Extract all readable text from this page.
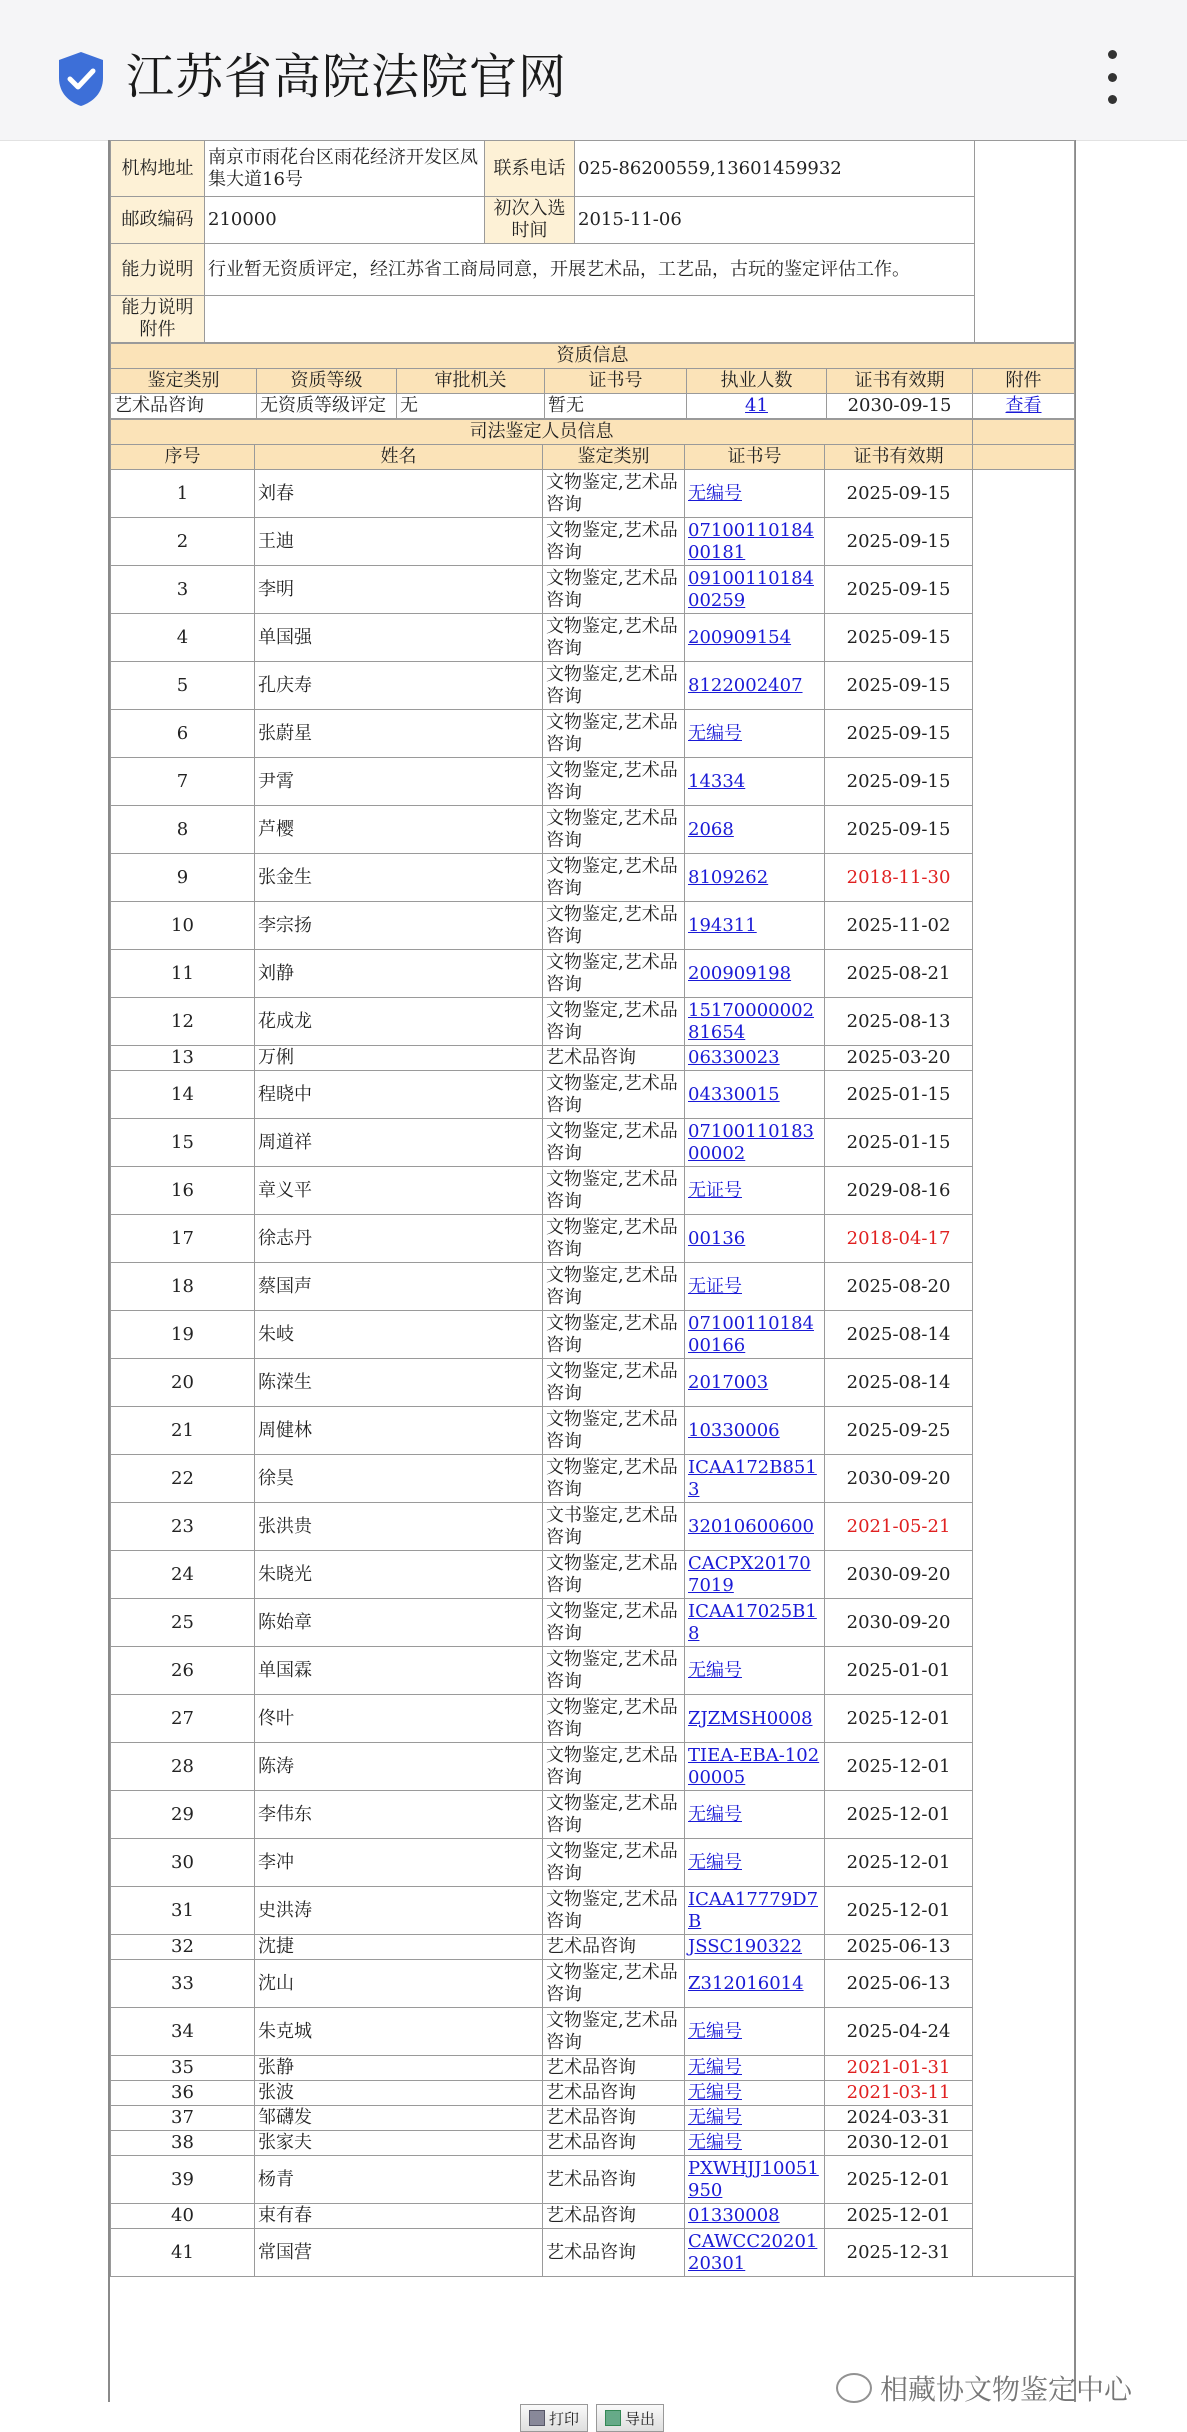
江苏省高院法院官网
机构地址	南京市雨花台区雨花经济开发区凤集大道16号	联系电话	025-86200559,13601459932	
邮政编码	210000	初次入选时间	2015-11-06	
能力说明	行业暂无资质评定，经江苏省工商局同意，开展艺术品，工艺品，古玩的鉴定评估工作。			
能力说明附件				
资质信息						
鉴定类别	资质等级	审批机关	证书号	执业人数	证书有效期	附件
艺术品咨询	无资质等级评定	无	暂无	41	2030-09-15	查看
司法鉴定人员信息					
序号	姓名	鉴定类别	证书号	证书有效期	
1	刘春	文物鉴定,艺术品咨询	无编号	2025-09-15	
2	王迪	文物鉴定,艺术品咨询	0710011018400181	2025-09-15	
3	李明	文物鉴定,艺术品咨询	0910011018400259	2025-09-15	
4	单国强	文物鉴定,艺术品咨询	200909154	2025-09-15	
5	孔庆寿	文物鉴定,艺术品咨询	8122002407	2025-09-15	
6	张蔚星	文物鉴定,艺术品咨询	无编号	2025-09-15	
7	尹霄	文物鉴定,艺术品咨询	14334	2025-09-15	
8	芦樱	文物鉴定,艺术品咨询	2068	2025-09-15	
9	张金生	文物鉴定,艺术品咨询	8109262	2018-11-30	
10	李宗扬	文物鉴定,艺术品咨询	194311	2025-11-02	
11	刘静	文物鉴定,艺术品咨询	200909198	2025-08-21	
12	花成龙	文物鉴定,艺术品咨询	1517000000281654	2025-08-13	
13	万俐	艺术品咨询	06330023	2025-03-20	
14	程晓中	文物鉴定,艺术品咨询	04330015	2025-01-15	
15	周道祥	文物鉴定,艺术品咨询	0710011018300002	2025-01-15	
16	章义平	文物鉴定,艺术品咨询	无证号	2029-08-16	
17	徐志丹	文物鉴定,艺术品咨询	00136	2018-04-17	
18	蔡国声	文物鉴定,艺术品咨询	无证号	2025-08-20	
19	朱岐	文物鉴定,艺术品咨询	0710011018400166	2025-08-14	
20	陈溁生	文物鉴定,艺术品咨询	2017003	2025-08-14	
21	周健林	文物鉴定,艺术品咨询	10330006	2025-09-25	
22	徐昊	文物鉴定,艺术品咨询	ICAA172B8513	2030-09-20	
23	张洪贵	文书鉴定,艺术品咨询	32010600600	2021-05-21	
24	朱晓光	文物鉴定,艺术品咨询	CACPX201707019	2030-09-20	
25	陈始章	文物鉴定,艺术品咨询	ICAA17025B18	2030-09-20	
26	单国霖	文物鉴定,艺术品咨询	无编号	2025-01-01	
27	佟叶	文物鉴定,艺术品咨询	ZJZMSH0008	2025-12-01	
28	陈涛	文物鉴定,艺术品咨询	TIEA-EBA-10200005	2025-12-01	
29	李伟东	文物鉴定,艺术品咨询	无编号	2025-12-01	
30	李冲	文物鉴定,艺术品咨询	无编号	2025-12-01	
31	史洪涛	文物鉴定,艺术品咨询	ICAA17779D7B	2025-12-01	
32	沈捷	艺术品咨询	JSSC190322	2025-06-13	
33	沈山	文物鉴定,艺术品咨询	Z312016014	2025-06-13	
34	朱克城	文物鉴定,艺术品咨询	无编号	2025-04-24	
35	张静	艺术品咨询	无编号	2021-01-31	
36	张波	艺术品咨询	无编号	2021-03-11	
37	邹礴发	艺术品咨询	无编号	2024-03-31	
38	张家夫	艺术品咨询	无编号	2030-12-01	
39	杨青	艺术品咨询	PXWHJJ10051950	2025-12-01	
40	束有春	艺术品咨询	01330008	2025-12-01	
41	常国营	艺术品咨询	CAWCC2020120301	2025-12-31	
打印	导出
相藏协文物鉴定中心
